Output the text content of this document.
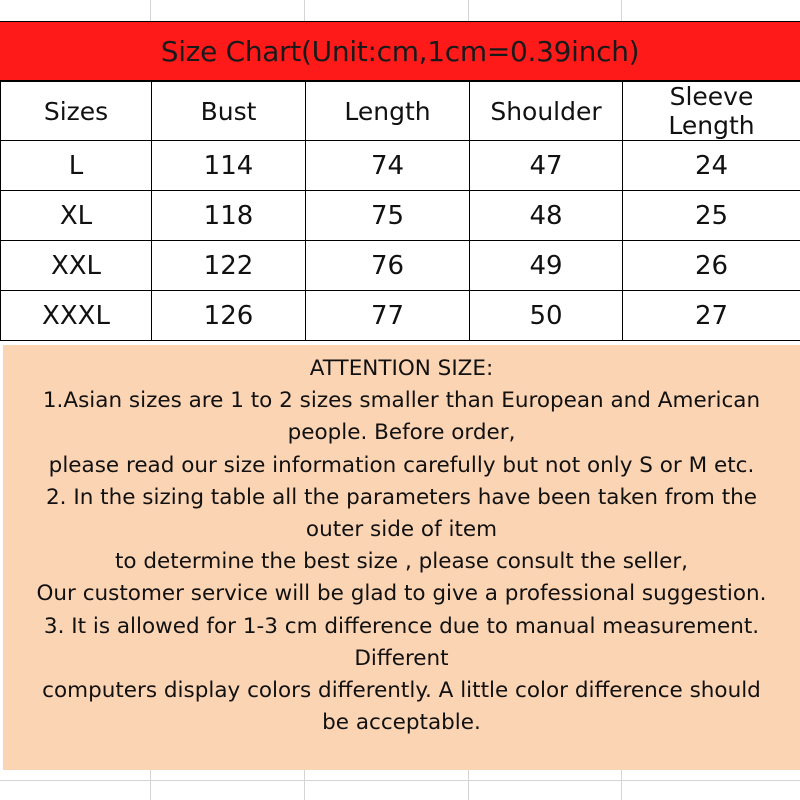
Size Chart(Unit:cm,1cm=0.39inch)
Sizes	Bust	Length	Shoulder	Sleeve Length
L	114	74	47	24
XL	118	75	48	25
XXL	122	76	49	26
XXXL	126	77	50	27
ATTENTION SIZE:
1.Asian sizes are 1 to 2 sizes smaller than European and American
people. Before order,
please read our size information carefully but not only S or M etc.
2. In the sizing table all the parameters have been taken from the
outer side of item
to determine the best size , please consult the seller,
Our customer service will be glad to give a professional suggestion.
3. It is allowed for 1-3 cm difference due to manual measurement.
Different
computers display colors differently. A little color difference should
be acceptable.
